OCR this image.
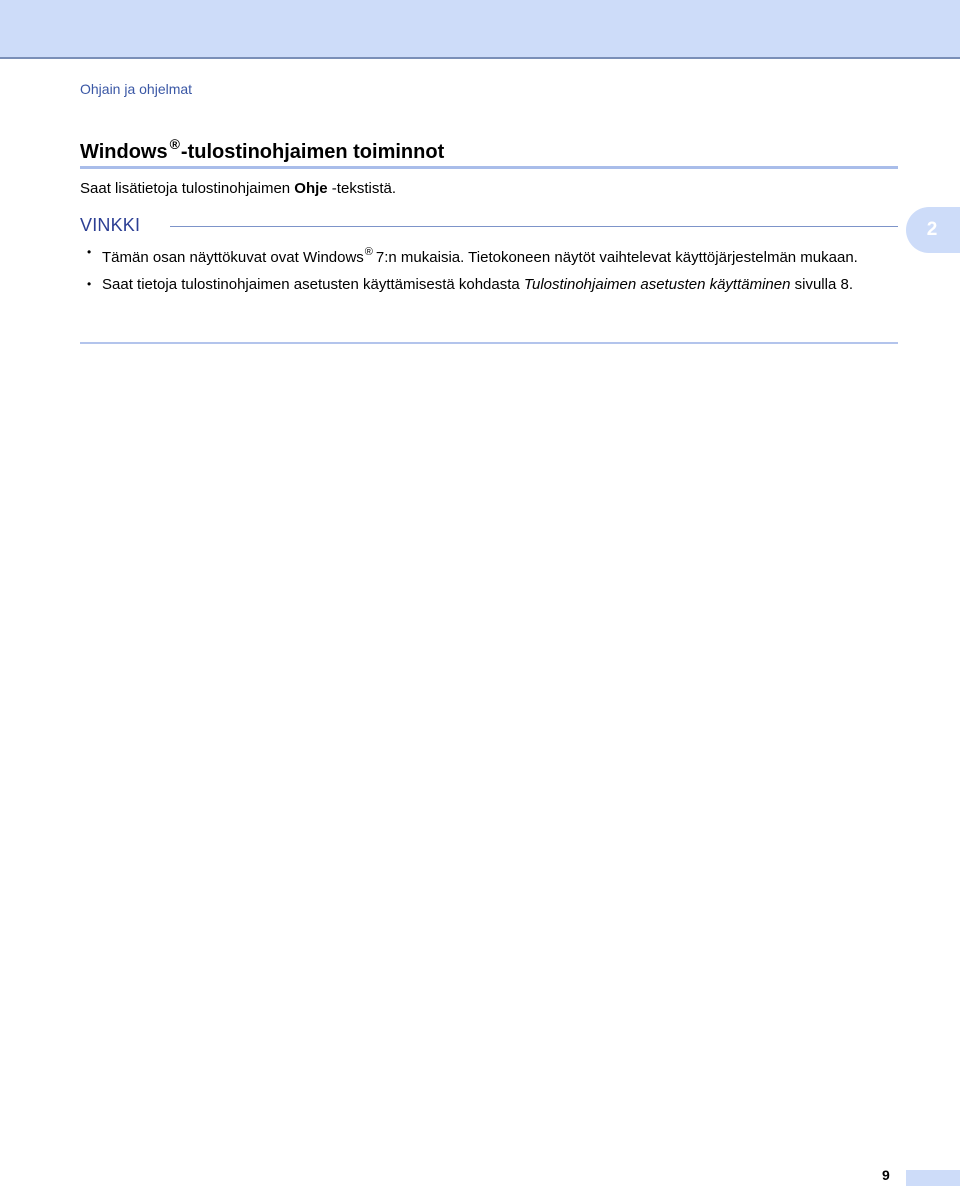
Ohjain ja ohjelmat
Windows ®-tulostinohjaimen toiminnot
Saat lisätietoja tulostinohjaimen Ohje -tekstistä.
VINKKI
• Tämän osan näyttökuvat ovat Windows® 7:n mukaisia. Tietokoneen näytöt vaihtelevat käyttöjärjestelmän mukaan.
• Saat tietoja tulostinohjaimen asetusten käyttämisestä kohdasta Tulostinohjaimen asetusten käyttäminen sivulla 8.
2
9
